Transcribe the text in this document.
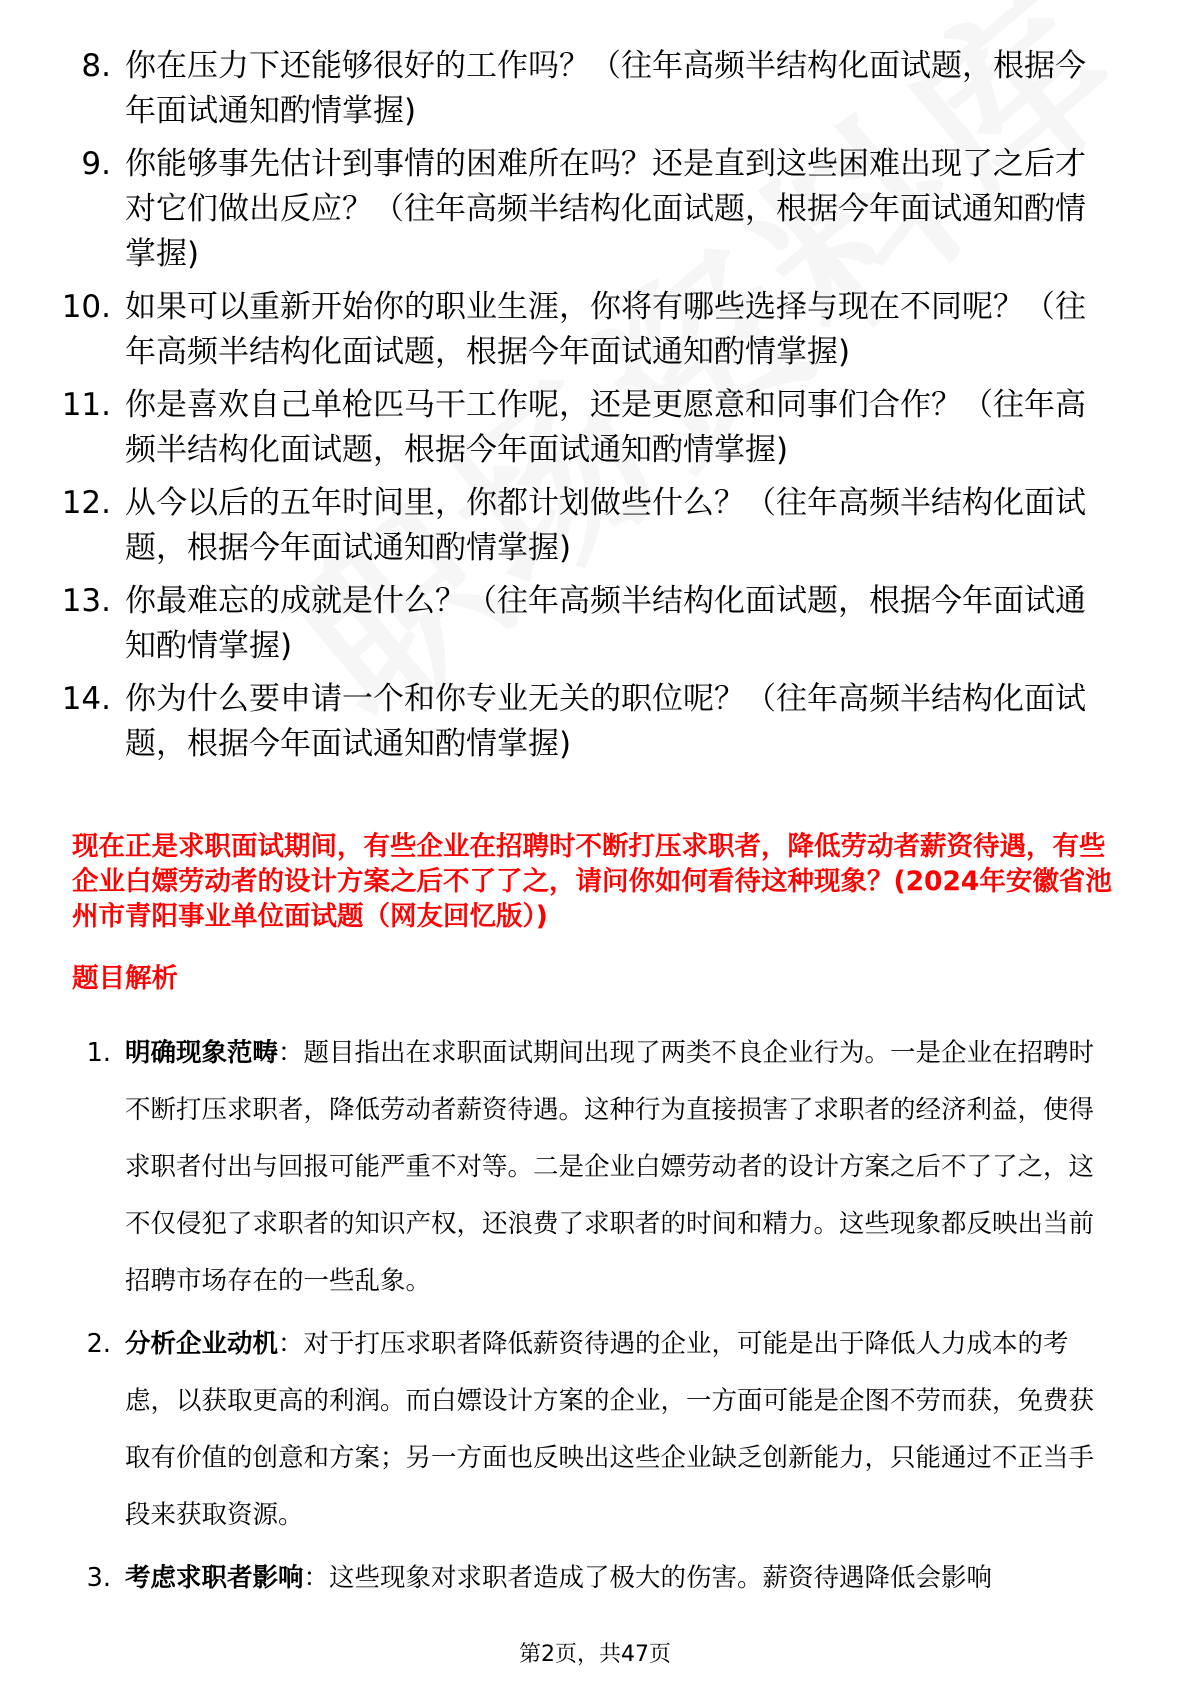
8. 你在压力下还能够很好的工作吗？（往年高频半结构化面试题，根据今年面试通知酌情掌握)
9. 你能够事先估计到事情的困难所在吗？还是直到这些困难出现了之后才对它们做出反应？（往年高频半结构化面试题，根据今年面试通知酌情掌握)
10. 如果可以重新开始你的职业生涯，你将有哪些选择与现在不同呢？（往年高频半结构化面试题，根据今年面试通知酌情掌握)
11. 你是喜欢自己单枪匹马干工作呢，还是更愿意和同事们合作？（往年高频半结构化面试题，根据今年面试通知酌情掌握)
12. 从今以后的五年时间里，你都计划做些什么？（往年高频半结构化面试题，根据今年面试通知酌情掌握)
13. 你最难忘的成就是什么？（往年高频半结构化面试题，根据今年面试通知酌情掌握)
14. 你为什么要申请一个和你专业无关的职位呢？（往年高频半结构化面试题，根据今年面试通知酌情掌握)
现在正是求职面试期间，有些企业在招聘时不断打压求职者，降低劳动者薪资待遇，有些企业白嫖劳动者的设计方案之后不了了之，请问你如何看待这种现象？(2024年安徽省池州市青阳事业单位面试题（网友回忆版）)
题目解析
1. 明确现象范畴：题目指出在求职面试期间出现了两类不良企业行为。一是企业在招聘时不断打压求职者，降低劳动者薪资待遇。这种行为直接损害了求职者的经济利益，使得求职者付出与回报可能严重不对等。二是企业白嫖劳动者的设计方案之后不了了之，这不仅侵犯了求职者的知识产权，还浪费了求职者的时间和精力。这些现象都反映出当前招聘市场存在的一些乱象。
2. 分析企业动机：对于打压求职者降低薪资待遇的企业，可能是出于降低人力成本的考虑，以获取更高的利润。而白嫖设计方案的企业，一方面可能是企图不劳而获，免费获取有价值的创意和方案；另一方面也反映出这些企业缺乏创新能力，只能通过不正当手段来获取资源。
3. 考虑求职者影响：这些现象对求职者造成了极大的伤害。薪资待遇降低会影响
第2页，共47页
